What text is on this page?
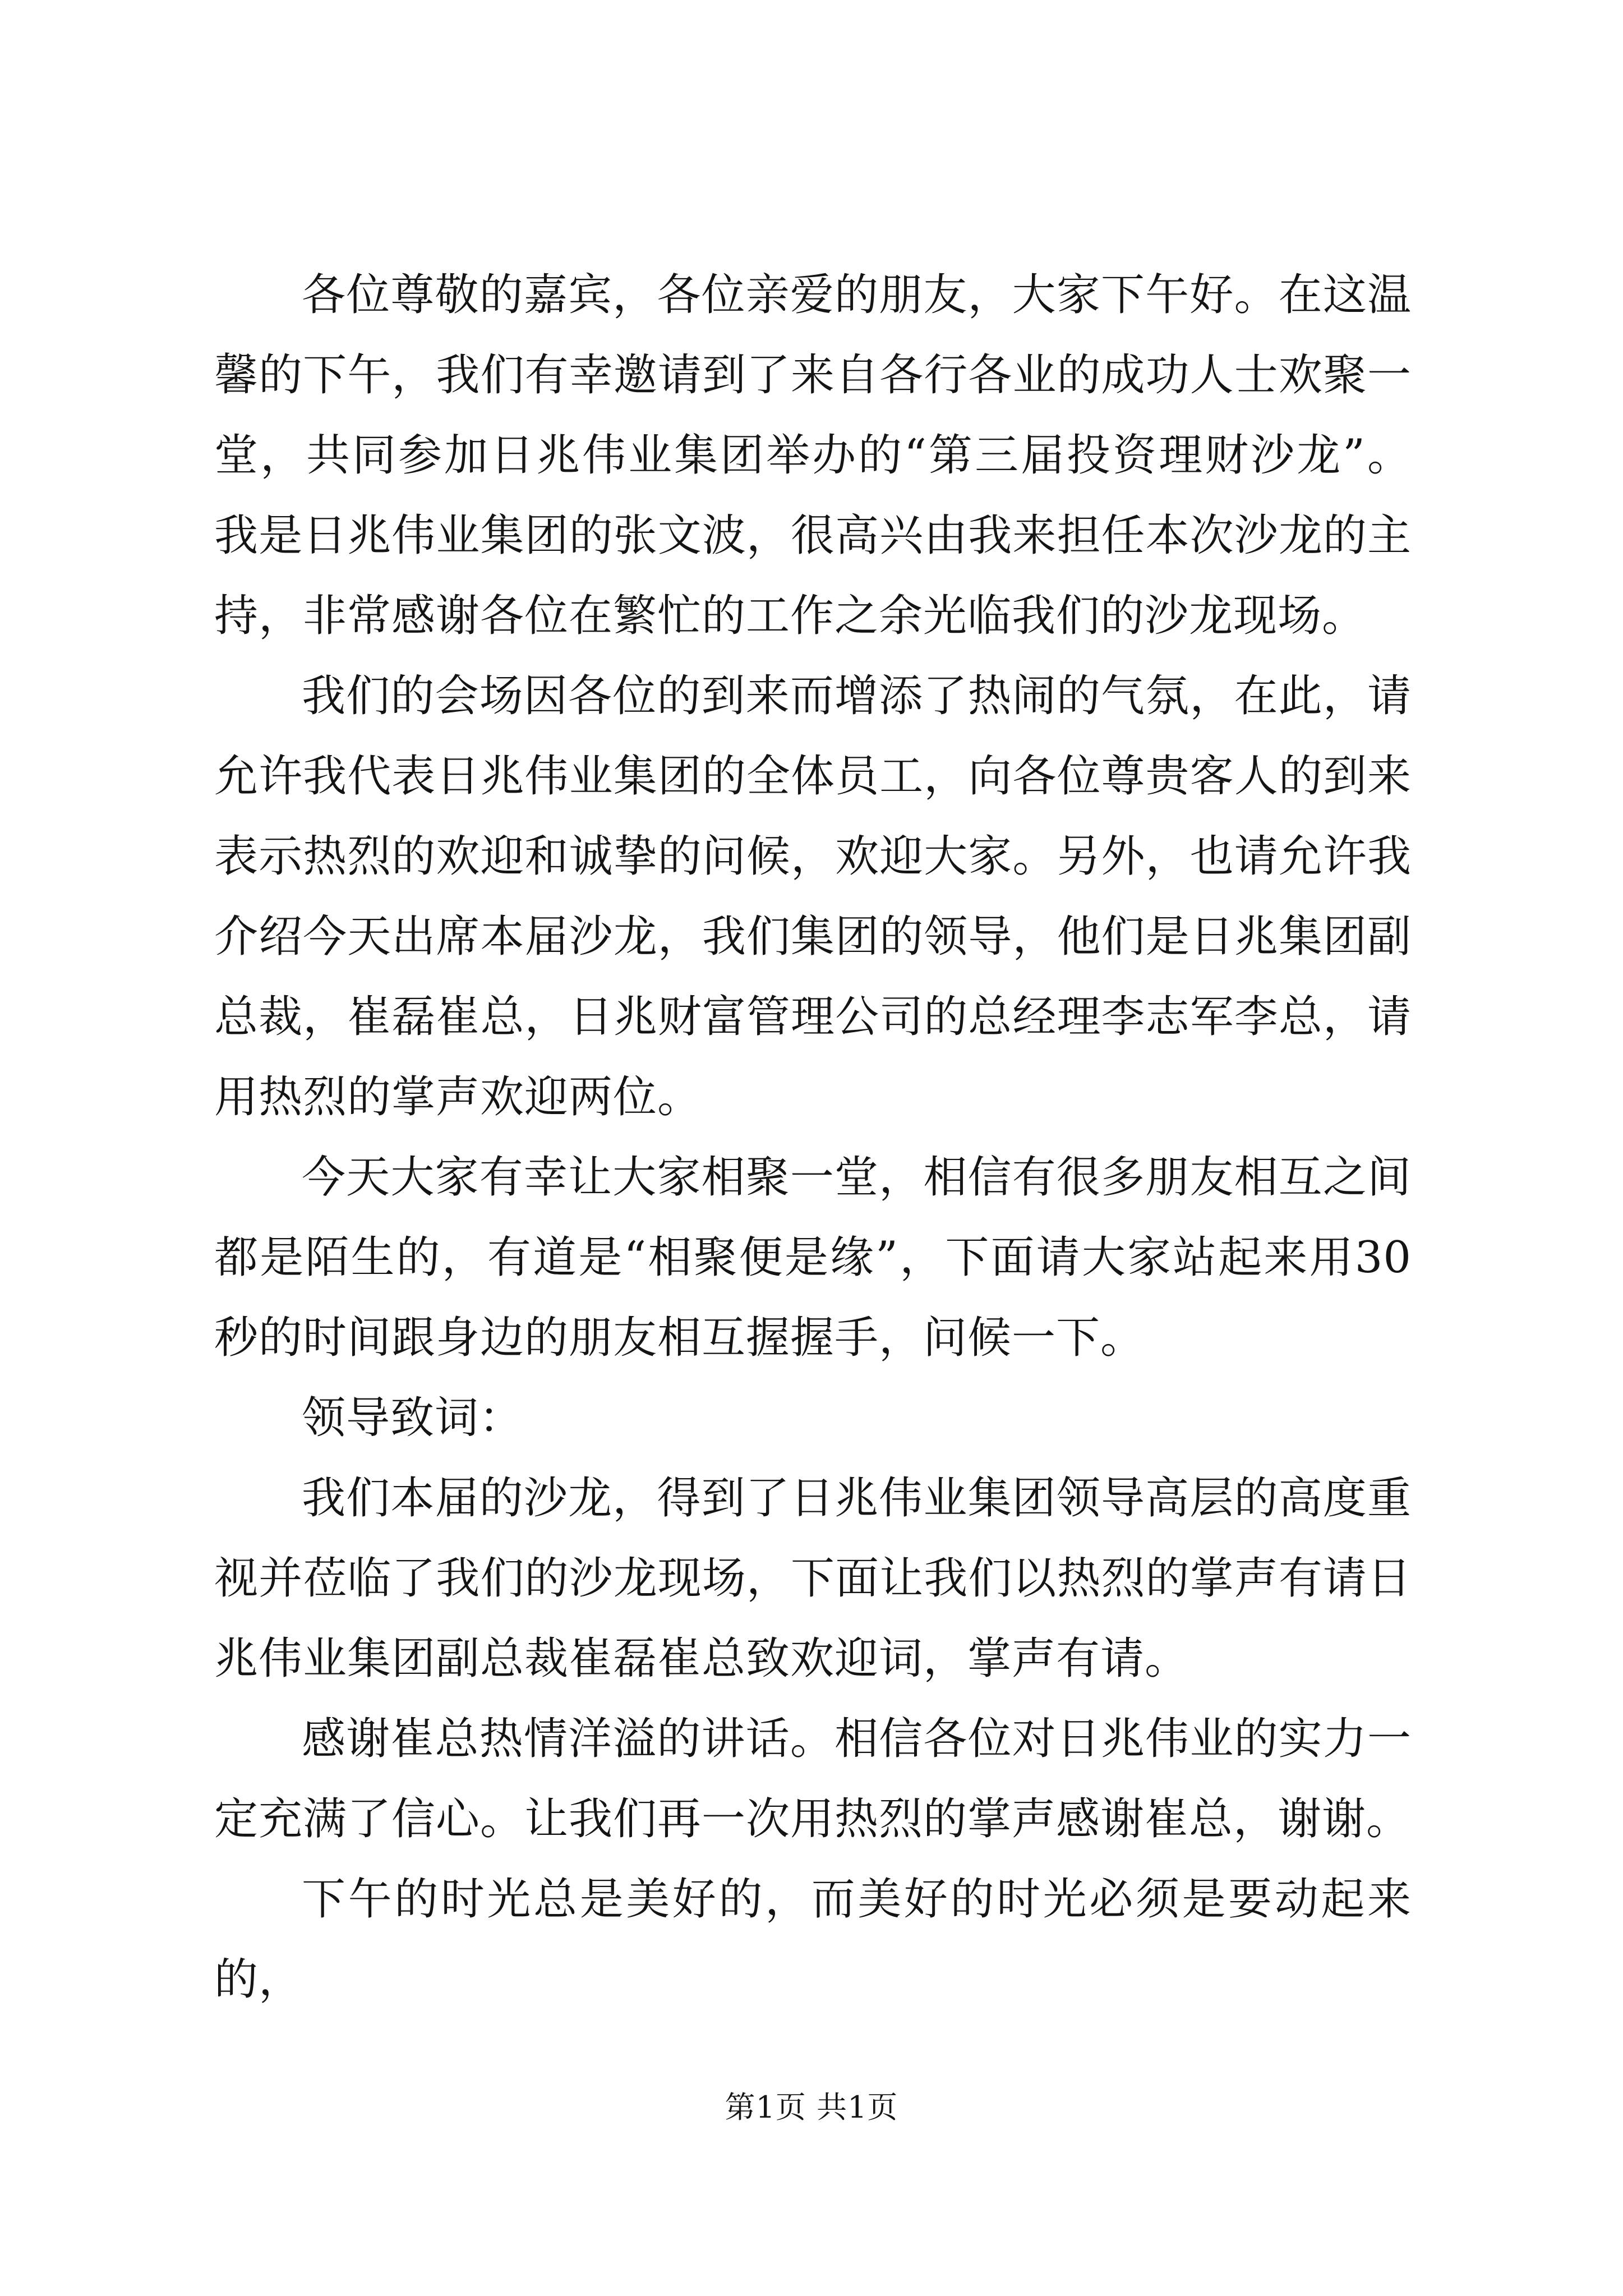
各位尊敬的嘉宾，各位亲爱的朋友，大家下午好。在这温馨的下午，我们有幸邀请到了来自各行各业的成功人士欢聚一堂，共同参加日兆伟业集团举办的“第三届投资理财沙龙”。我是日兆伟业集团的张文波，很高兴由我来担任本次沙龙的主持，非常感谢各位在繁忙的工作之余光临我们的沙龙现场。

我们的会场因各位的到来而增添了热闹的气氛，在此，请允许我代表日兆伟业集团的全体员工，向各位尊贵客人的到来表示热烈的欢迎和诚挚的问候，欢迎大家。另外，也请允许我介绍今天出席本届沙龙，我们集团的领导，他们是日兆集团副总裁，崔磊崔总，日兆财富管理公司的总经理李志军李总，请用热烈的掌声欢迎两位。

今天大家有幸让大家相聚一堂，相信有很多朋友相互之间都是陌生的，有道是“相聚便是缘”，下面请大家站起来用30秒的时间跟身边的朋友相互握握手，问候一下。

领导致词：

我们本届的沙龙，得到了日兆伟业集团领导高层的高度重视并莅临了我们的沙龙现场，下面让我们以热烈的掌声有请日兆伟业集团副总裁崔磊崔总致欢迎词，掌声有请。

感谢崔总热情洋溢的讲话。相信各位对日兆伟业的实力一定充满了信心。让我们再一次用热烈的掌声感谢崔总，谢谢。

下午的时光总是美好的，而美好的时光必须是要动起来的，

第1页 共1页
